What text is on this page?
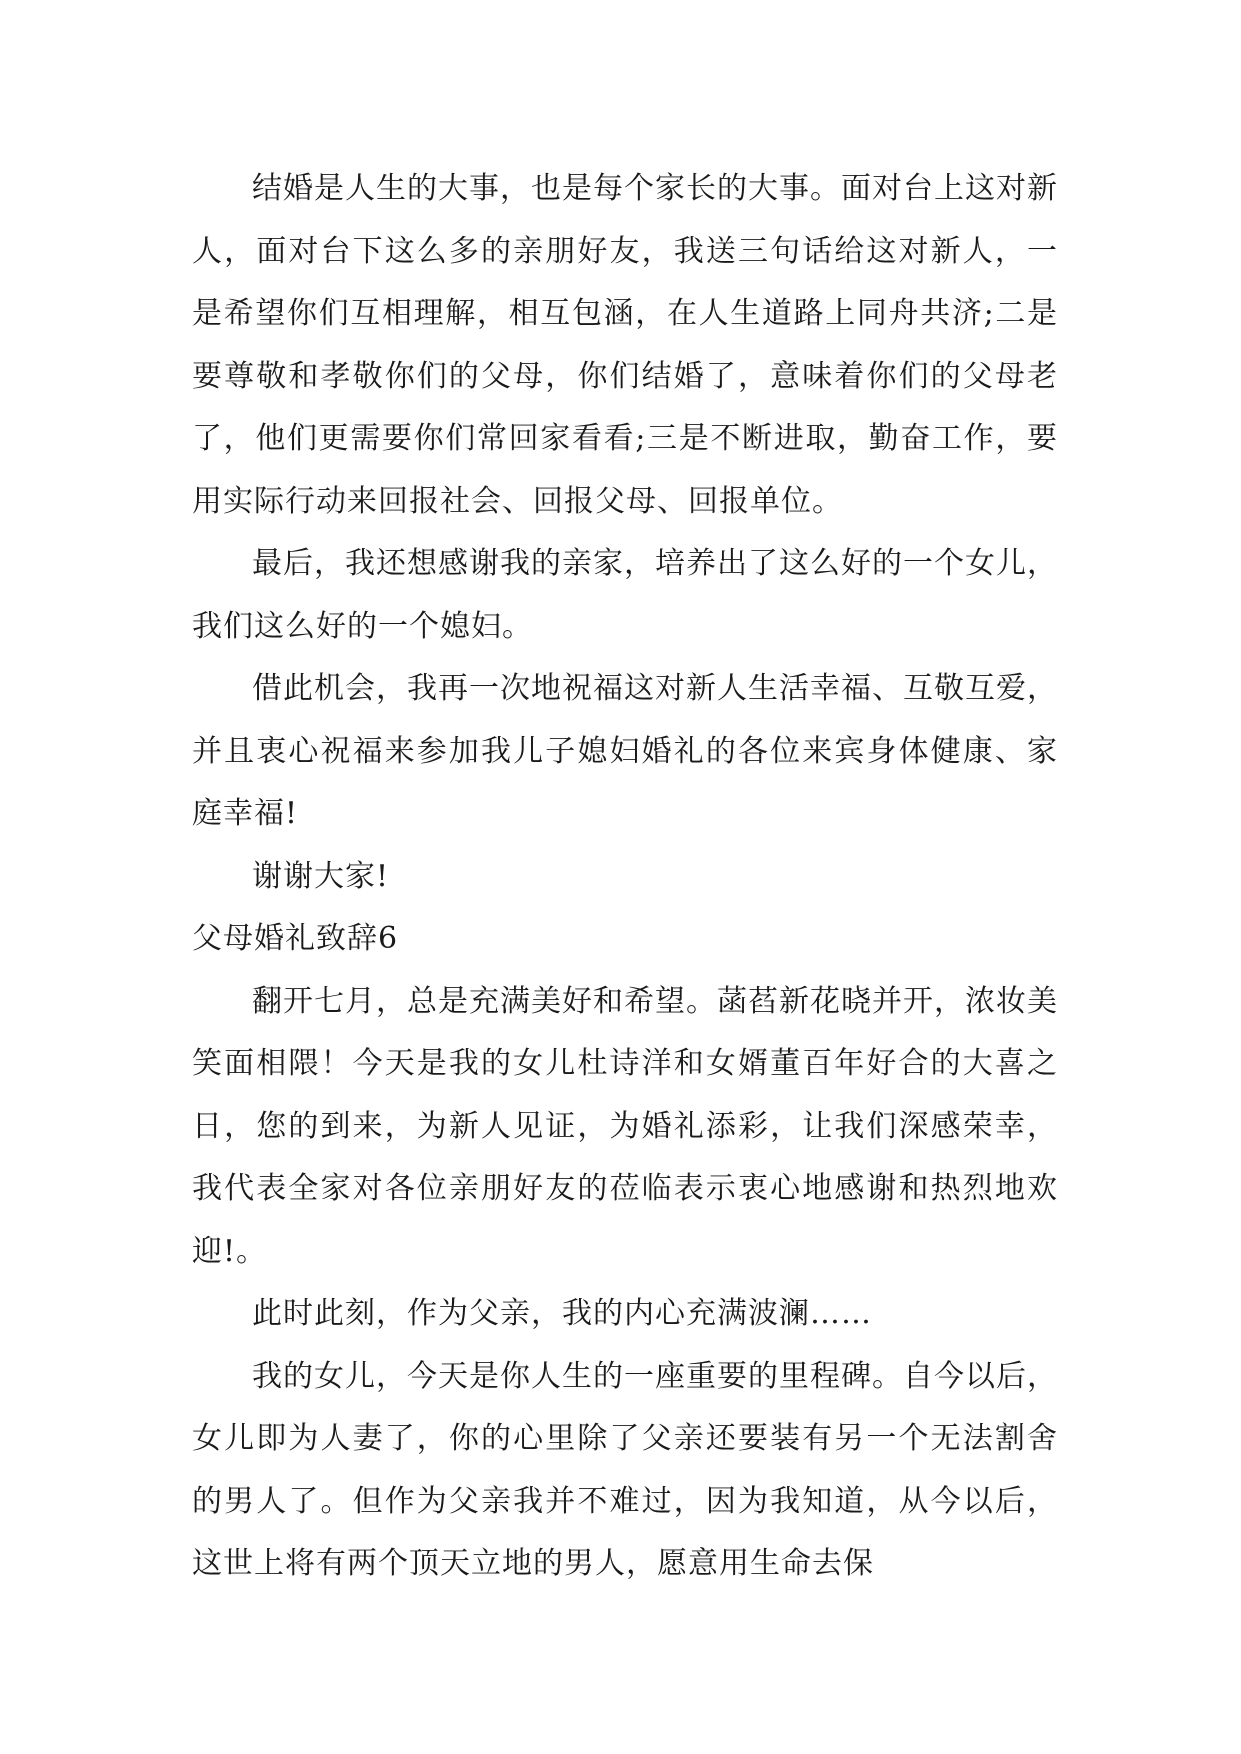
结婚是人生的大事，也是每个家长的大事。面对台上这对新人，面对台下这么多的亲朋好友，我送三句话给这对新人，一是希望你们互相理解，相互包涵，在人生道路上同舟共济;二是要尊敬和孝敬你们的父母，你们结婚了，意味着你们的父母老了，他们更需要你们常回家看看;三是不断进取，勤奋工作，要用实际行动来回报社会、回报父母、回报单位。

最后，我还想感谢我的亲家，培养出了这么好的一个女儿，我们这么好的一个媳妇。

借此机会，我再一次地祝福这对新人生活幸福、互敬互爱，并且衷心祝福来参加我儿子媳妇婚礼的各位来宾身体健康、家庭幸福!

谢谢大家!

父母婚礼致辞6

翻开七月，总是充满美好和希望。菡萏新花晓并开，浓妆美笑面相隈！今天是我的女儿杜诗洋和女婿董百年好合的大喜之日，您的到来，为新人见证，为婚礼添彩，让我们深感荣幸，我代表全家对各位亲朋好友的莅临表示衷心地感谢和热烈地欢迎!。

此时此刻，作为父亲，我的内心充满波澜……

我的女儿，今天是你人生的一座重要的里程碑。自今以后，女儿即为人妻了，你的心里除了父亲还要装有另一个无法割舍的男人了。但作为父亲我并不难过，因为我知道，从今以后，这世上将有两个顶天立地的男人，愿意用生命去保
